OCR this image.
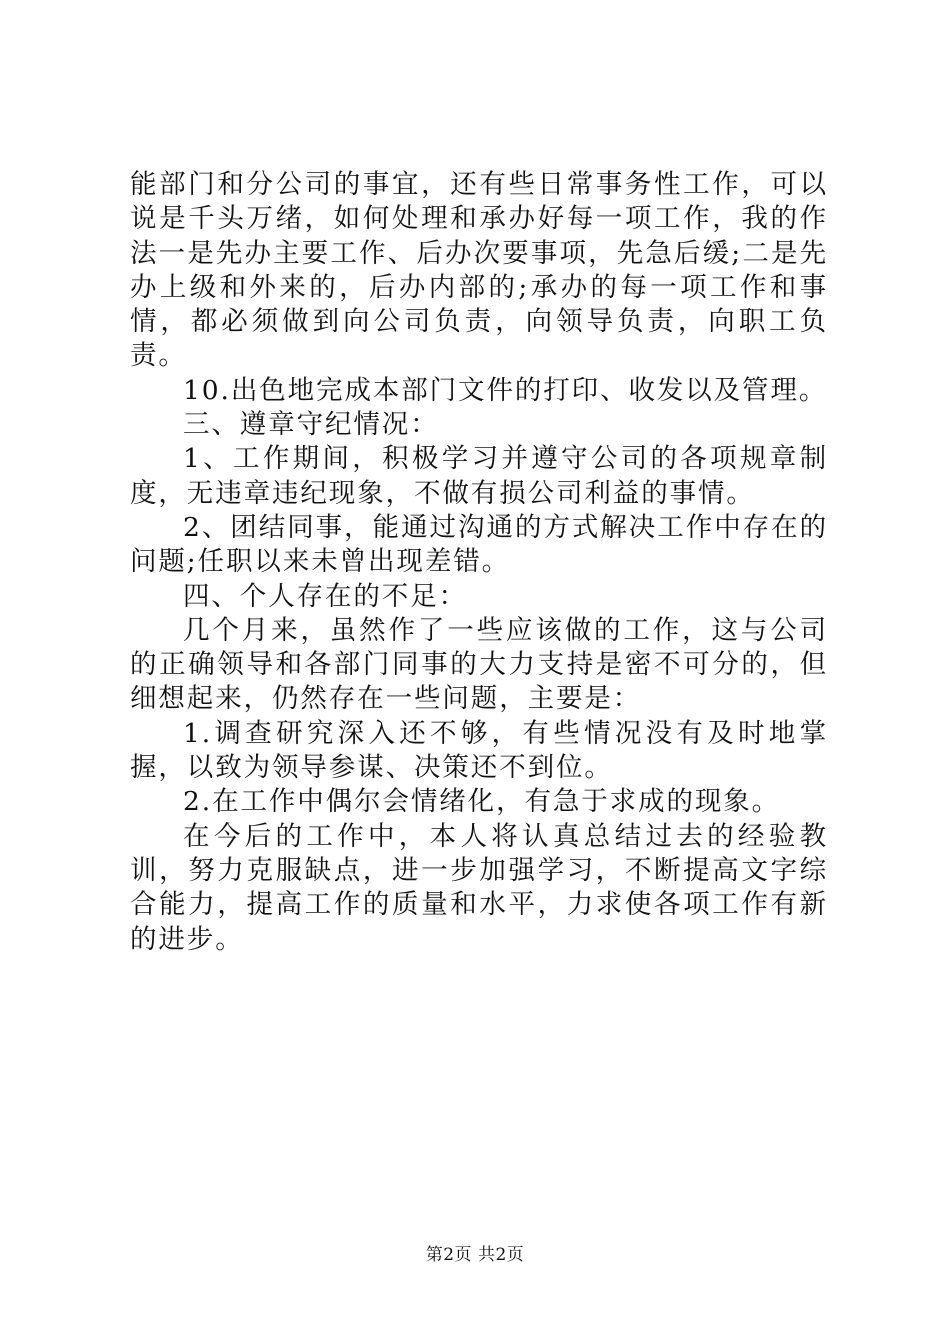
能部门和分公司的事宜，还有些日常事务性工作，可以说是千头万绪，如何处理和承办好每一项工作，我的作法一是先办主要工作、后办次要事项，先急后缓;二是先办上级和外来的，后办内部的;承办的每一项工作和事情，都必须做到向公司负责，向领导负责，向职工负责。

10.出色地完成本部门文件的打印、收发以及管理。

三、遵章守纪情况：

1、工作期间，积极学习并遵守公司的各项规章制度，无违章违纪现象，不做有损公司利益的事情。

2、团结同事，能通过沟通的方式解决工作中存在的问题;任职以来未曾出现差错。

四、个人存在的不足：

几个月来，虽然作了一些应该做的工作，这与公司的正确领导和各部门同事的大力支持是密不可分的，但细想起来，仍然存在一些问题，主要是：

1.调查研究深入还不够，有些情况没有及时地掌握，以致为领导参谋、决策还不到位。

2.在工作中偶尔会情绪化，有急于求成的现象。

在今后的工作中，本人将认真总结过去的经验教训，努力克服缺点，进一步加强学习，不断提高文字综合能力，提高工作的质量和水平，力求使各项工作有新的进步。

第2页 共2页
